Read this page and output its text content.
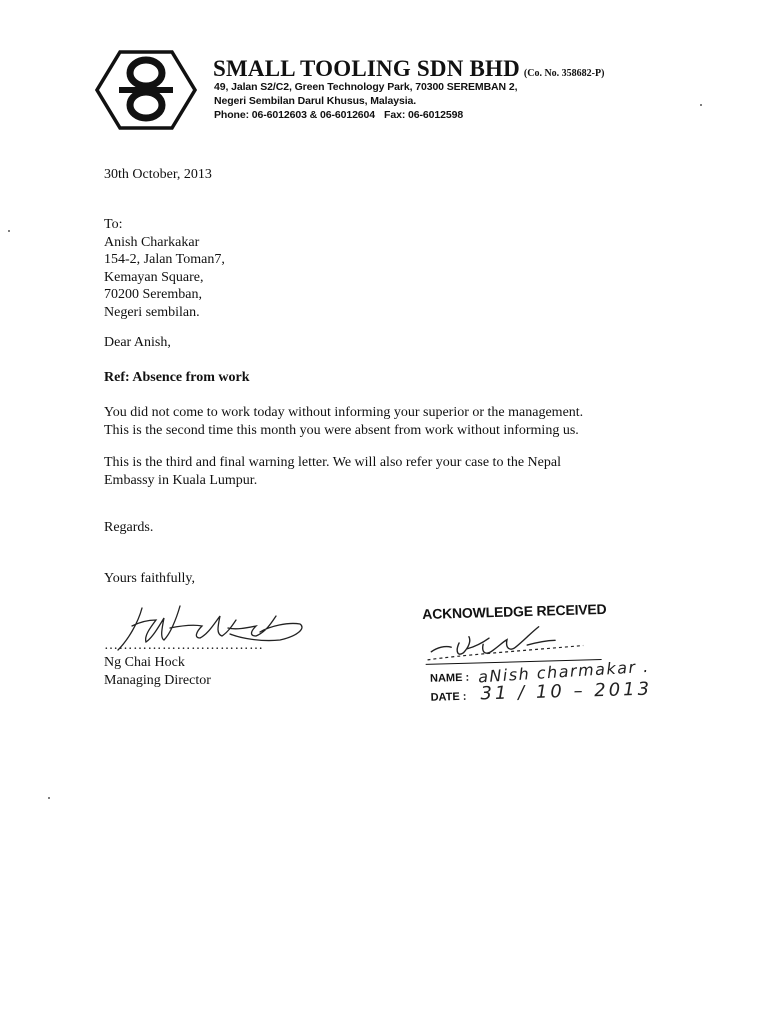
SMALL TOOLING SDN BHD (Co. No. 358682-P)
49, Jalan S2/C2, Green Technology Park, 70300 SEREMBAN 2,
Negeri Sembilan Darul Khusus, Malaysia.
Phone: 06-6012603 & 06-6012604 Fax: 06-6012598
30th October, 2013
To:
Anish Charkakar
154-2, Jalan Toman7,
Kemayan Square,
70200 Seremban,
Negeri sembilan.
Dear Anish,
Ref: Absence from work
You did not come to work today without informing your superior or the management.
This is the second time this month you were absent from work without informing us.
This is the third and final warning letter. We will also refer your case to the Nepal
Embassy in Kuala Lumpur.
Regards.
Yours faithfully,
……………………………
Ng Chai Hock
Managing Director
ACKNOWLEDGE RECEIVED
NAME : aNish charmakar .
DATE : 31 / 10 – 2013
